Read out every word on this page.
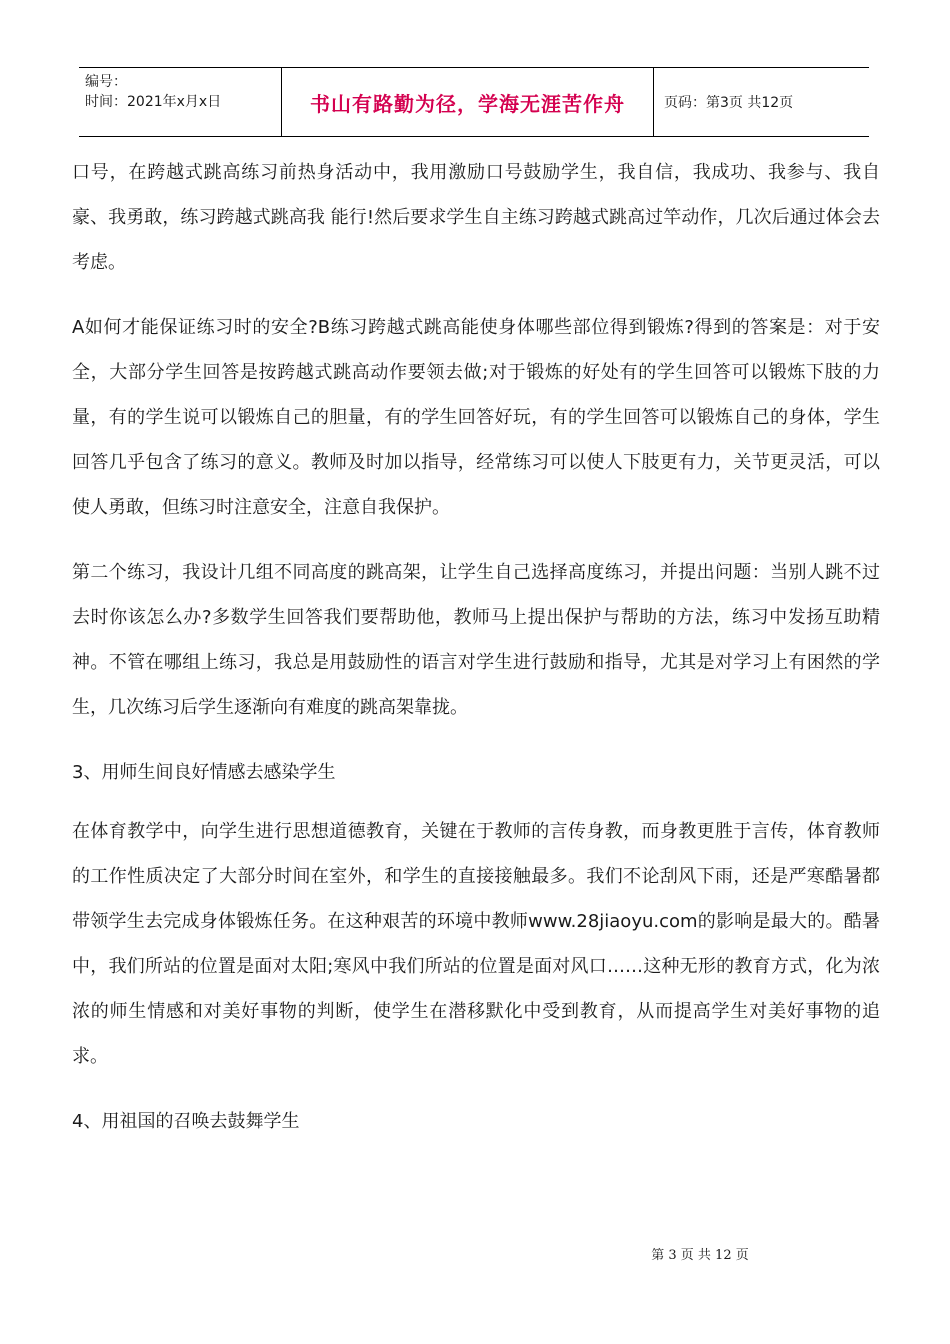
编号：
时间：2021年x月x日	书山有路勤为径，学海无涯苦作舟	页码：第3页 共12页

口号，在跨越式跳高练习前热身活动中，我用激励口号鼓励学生，我自信，我成功、我参与、我自豪、我勇敢，练习跨越式跳高我 能行!然后要求学生自主练习跨越式跳高过竿动作，几次后通过体会去考虑。

A如何才能保证练习时的安全?B练习跨越式跳高能使身体哪些部位得到锻炼?得到的答案是：对于安全，大部分学生回答是按跨越式跳高动作要领去做;对于锻炼的好处有的学生回答可以锻炼下肢的力量，有的学生说可以锻炼自己的胆量，有的学生回答好玩，有的学生回答可以锻炼自己的身体，学生回答几乎包含了练习的意义。教师及时加以指导，经常练习可以使人下肢更有力，关节更灵活，可以使人勇敢，但练习时注意安全，注意自我保护。

第二个练习，我设计几组不同高度的跳高架，让学生自己选择高度练习，并提出问题：当别人跳不过去时你该怎么办?多数学生回答我们要帮助他，教师马上提出保护与帮助的方法，练习中发扬互助精神。不管在哪组上练习，我总是用鼓励性的语言对学生进行鼓励和指导，尤其是对学习上有困然的学生，几次练习后学生逐渐向有难度的跳高架靠拢。

3、用师生间良好情感去感染学生

在体育教学中，向学生进行思想道德教育，关键在于教师的言传身教，而身教更胜于言传，体育教师的工作性质决定了大部分时间在室外，和学生的直接接触最多。我们不论刮风下雨，还是严寒酷暑都带领学生去完成身体锻炼任务。在这种艰苦的环境中教师www.28jiaoyu.com的影响是最大的。酷暑中，我们所站的位置是面对太阳;寒风中我们所站的位置是面对风口……这种无形的教育方式，化为浓浓的师生情感和对美好事物的判断，使学生在潜移默化中受到教育，从而提高学生对美好事物的追求。

4、用祖国的召唤去鼓舞学生

第 3 页 共 12 页
